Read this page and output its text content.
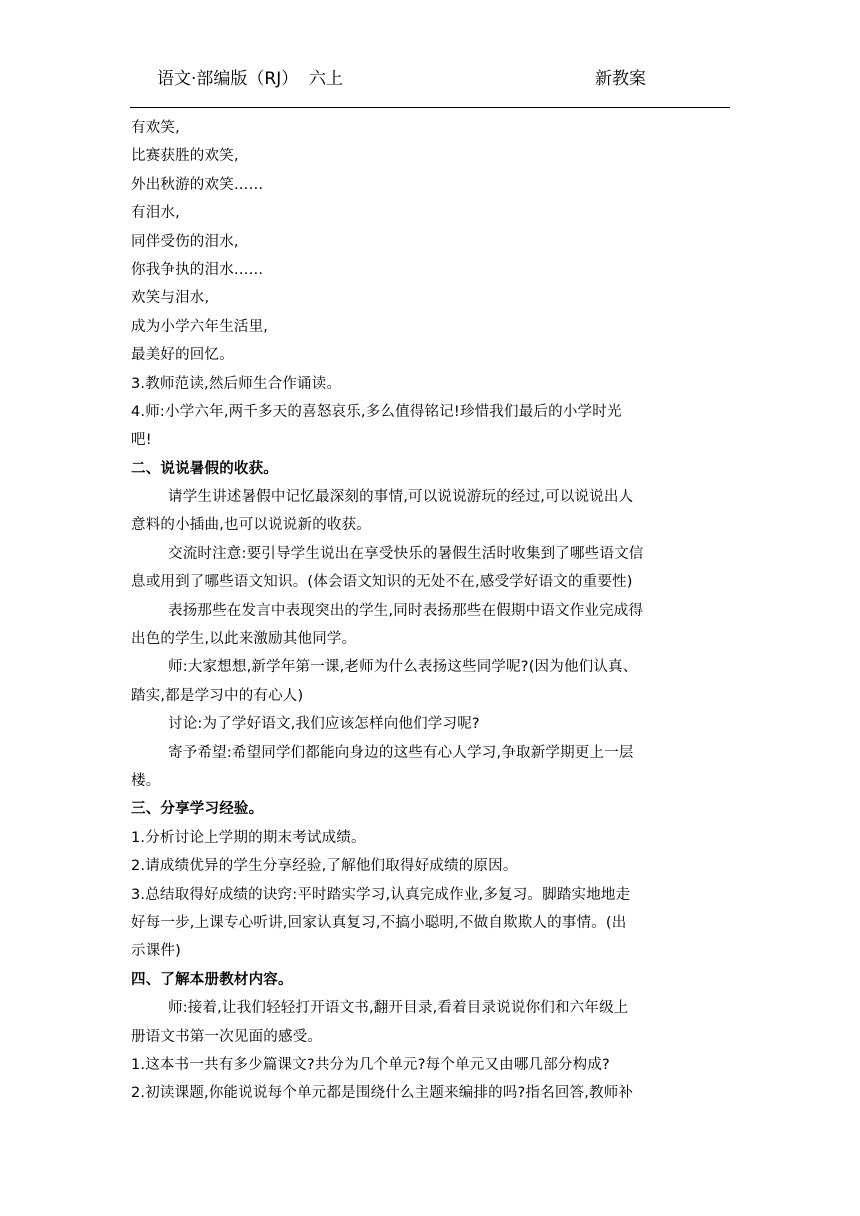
语文·部编版（RJ）  六上	新教案
有欢笑,
比赛获胜的欢笑,
外出秋游的欢笑……
有泪水,
同伴受伤的泪水,
你我争执的泪水……
欢笑与泪水,
成为小学六年生活里,
最美好的回忆。
3.教师范读,然后师生合作诵读。
4.师:小学六年,两千多天的喜怒哀乐,多么值得铭记!珍惜我们最后的小学时光
吧!
二、说说暑假的收获。
请学生讲述暑假中记忆最深刻的事情,可以说说游玩的经过,可以说说出人
意料的小插曲,也可以说说新的收获。
交流时注意:要引导学生说出在享受快乐的暑假生活时收集到了哪些语文信
息或用到了哪些语文知识。(体会语文知识的无处不在,感受学好语文的重要性)
表扬那些在发言中表现突出的学生,同时表扬那些在假期中语文作业完成得
出色的学生,以此来激励其他同学。
师:大家想想,新学年第一课,老师为什么表扬这些同学呢?(因为他们认真、
踏实,都是学习中的有心人)
讨论:为了学好语文,我们应该怎样向他们学习呢?
寄予希望:希望同学们都能向身边的这些有心人学习,争取新学期更上一层
楼。
三、分享学习经验。
1.分析讨论上学期的期末考试成绩。
2.请成绩优异的学生分享经验,了解他们取得好成绩的原因。
3.总结取得好成绩的诀窍:平时踏实学习,认真完成作业,多复习。脚踏实地地走
好每一步,上课专心听讲,回家认真复习,不搞小聪明,不做自欺欺人的事情。(出
示课件)
四、了解本册教材内容。
师:接着,让我们轻轻打开语文书,翻开目录,看着目录说说你们和六年级上
册语文书第一次见面的感受。
1.这本书一共有多少篇课文?共分为几个单元?每个单元又由哪几部分构成?
2.初读课题,你能说说每个单元都是围绕什么主题来编排的吗?指名回答,教师补
